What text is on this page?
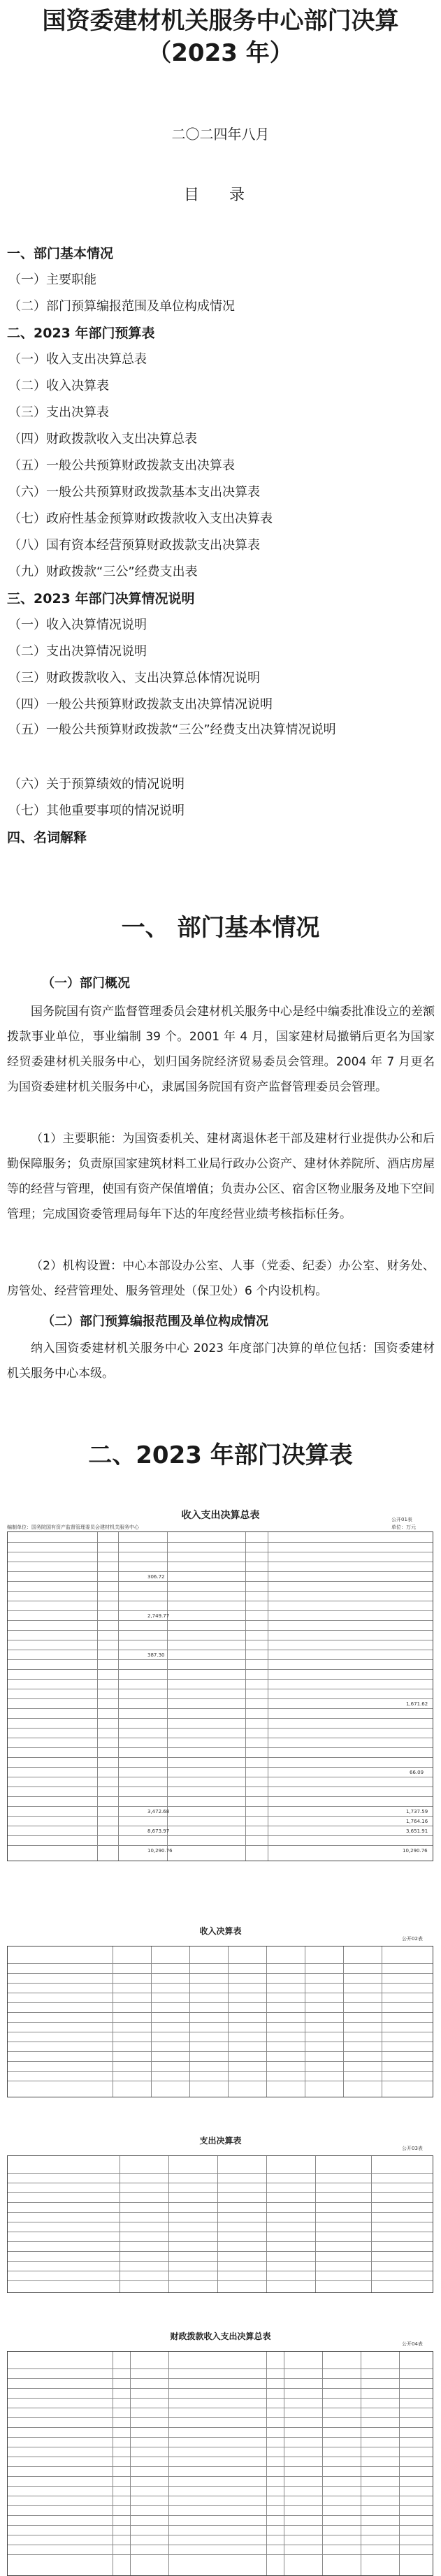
国资委建材机关服务中心部门决算
（2023 年）
二〇二四年八月
目 录
一、部门基本情况
（一）主要职能
（二）部门预算编报范围及单位构成情况
二、2023 年部门预算表
（一）收入支出决算总表
（二）收入决算表
（三）支出决算表
（四）财政拨款收入支出决算总表
（五）一般公共预算财政拨款支出决算表
（六）一般公共预算财政拨款基本支出决算表
（七）政府性基金预算财政拨款收入支出决算表
（八）国有资本经营预算财政拨款支出决算表
（九）财政拨款“三公”经费支出表
三、2023 年部门决算情况说明
（一）收入决算情况说明
（二）支出决算情况说明
（三）财政拨款收入、支出决算总体情况说明
（四）一般公共预算财政拨款支出决算情况说明
（五）一般公共预算财政拨款“三公”经费支出决算情况说明
（六）关于预算绩效的情况说明
（七）其他重要事项的情况说明
四、名词解释
一、 部门基本情况
（一）部门概况
国务院国有资产监督管理委员会建材机关服务中心是经中编委批准设立的差额拨款事业单位，事业编制 39 个。2001 年 4 月，国家建材局撤销后更名为国家经贸委建材机关服务中心，划归国务院经济贸易委员会管理。2004 年 7 月更名为国资委建材机关服务中心，隶属国务院国有资产监督管理委员会管理。
（1）主要职能：为国资委机关、建材离退休老干部及建材行业提供办公和后勤保障服务；负责原国家建筑材料工业局行政办公资产、建材休养院所、酒店房屋等的经营与管理，使国有资产保值增值；负责办公区、宿舍区物业服务及地下空间管理；完成国资委管理局每年下达的年度经营业绩考核指标任务。
（2）机构设置：中心本部设办公室、人事（党委、纪委）办公室、财务处、房管处、经营管理处、服务管理处（保卫处）6 个内设机构。
（二）部门预算编报范围及单位构成情况
纳入国资委建材机关服务中心 2023 年度部门决算的单位包括：国资委建材机关服务中心本级。
二、2023 年部门决算表
收入支出决算总表	公开01表
单位：万元
编制单位：国务院国有资产监督管理委员会建材机关服务中心
306.72
2,749.77
387.30
1,671.62
66.09
1,737.59
1,764.16
3,651.91
10,290.76	10,290.76
3,472.68
8,673.97
收入决算表
公开02表
支出决算表
公开03表
财政拨款收入支出决算总表
公开04表
